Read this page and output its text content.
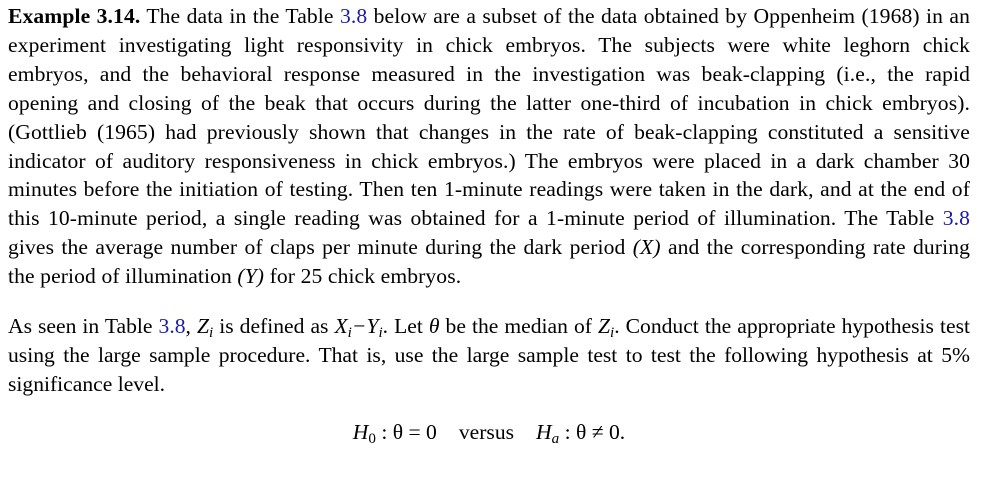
Example 3.14. The data in the Table 3.8 below are a subset of the data obtained by Oppenheim (1968) in an experiment investigating light responsivity in chick embryos. The subjects were white leghorn chick embryos, and the behavioral response measured in the investigation was beak-clapping (i.e., the rapid opening and closing of the beak that occurs during the latter one-third of incubation in chick embryos). (Gottlieb (1965) had previously shown that changes in the rate of beak-clapping constituted a sensitive indicator of auditory responsiveness in chick embryos.) The embryos were placed in a dark chamber 30 minutes before the initiation of testing. Then ten 1-minute readings were taken in the dark, and at the end of this 10-minute period, a single reading was obtained for a 1-minute period of illumination. The Table 3.8 gives the average number of claps per minute during the dark period (X) and the corresponding rate during the period of illumination (Y) for 25 chick embryos.

As seen in Table 3.8, $Z_i$ is defined as $X_i-Y_i$. Let θ be the median of $Z_i$. Conduct the appropriate hypothesis test using the large sample procedure. That is, use the large sample test to test the following hypothesis at 5% significance level.

$H_0$ : θ = 0 versus $H_a$ : θ ≠ 0.
